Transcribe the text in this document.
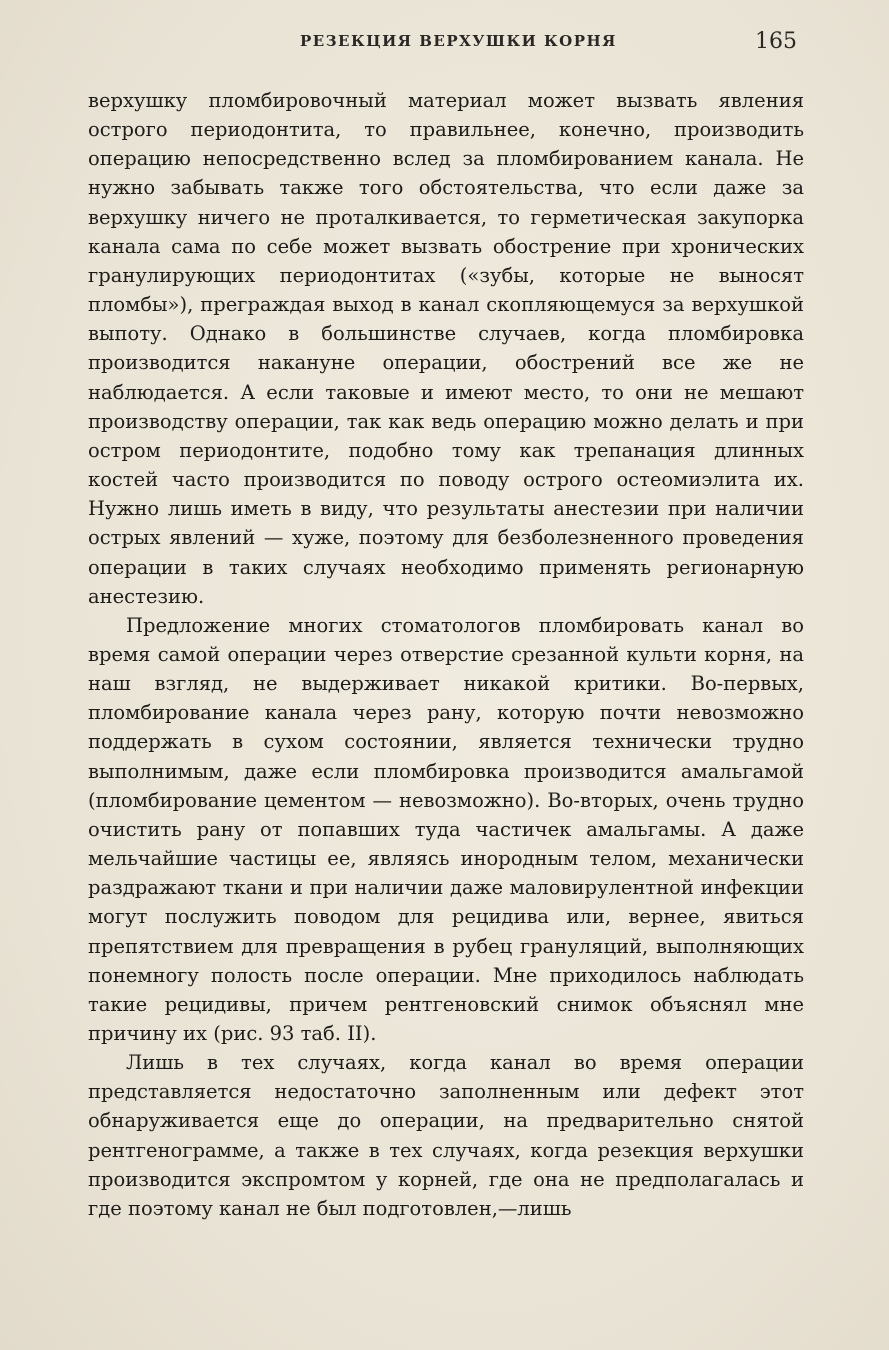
РЕЗЕКЦИЯ ВЕРХУШКИ КОРНЯ	165

верхушку пломбировочный материал может вызвать явления острого периодонтита, то правильнее, конечно, производить операцию непосредственно вслед за пломбированием канала. Не нужно забывать также того обстоятельства, что если даже за верхушку ничего не проталкивается, то герметическая закупорка канала сама по себе может вызвать обострение при хронических гранулирующих периодонтитах («зубы, которые не выносят пломбы»), преграждая выход в канал скопляющемуся за верхушкой выпоту. Однако в большинстве случаев, когда пломбировка производится накануне операции, обострений все же не наблюдается. А если таковые и имеют место, то они не мешают производству операции, так как ведь операцию можно делать и при остром периодонтите, подобно тому как трепанация длинных костей часто производится по поводу острого остеомиэлита их. Нужно лишь иметь в виду, что результаты анестезии при наличии острых явлений — хуже, поэтому для безболезненного проведения операции в таких случаях необходимо применять регионарную анестезию.

Предложение многих стоматологов пломбировать канал во время самой операции через отверстие срезанной культи корня, на наш взгляд, не выдерживает никакой критики. Во-первых, пломбирование канала через рану, которую почти невозможно поддержать в сухом состоянии, является технически трудно выполнимым, даже если пломбировка производится амальгамой (пломбирование цементом — невозможно). Во-вторых, очень трудно очистить рану от попавших туда частичек амальгамы. А даже мельчайшие частицы ее, являясь инородным телом, механически раздражают ткани и при наличии даже маловирулентной инфекции могут послужить поводом для рецидива или, вернее, явиться препятствием для превращения в рубец грануляций, выполняющих понемногу полость после операции. Мне приходилось наблюдать такие рецидивы, причем рентгеновский снимок объяснял мне причину их (рис. 93 таб. II).

Лишь в тех случаях, когда канал во время операции представляется недостаточно заполненным или дефект этот обнаруживается еще до операции, на предварительно снятой рентгенограмме, а также в тех случаях, когда резекция верхушки производится экспромтом у корней, где она не предполагалась и где поэтому канал не был подготовлен,—лишь
